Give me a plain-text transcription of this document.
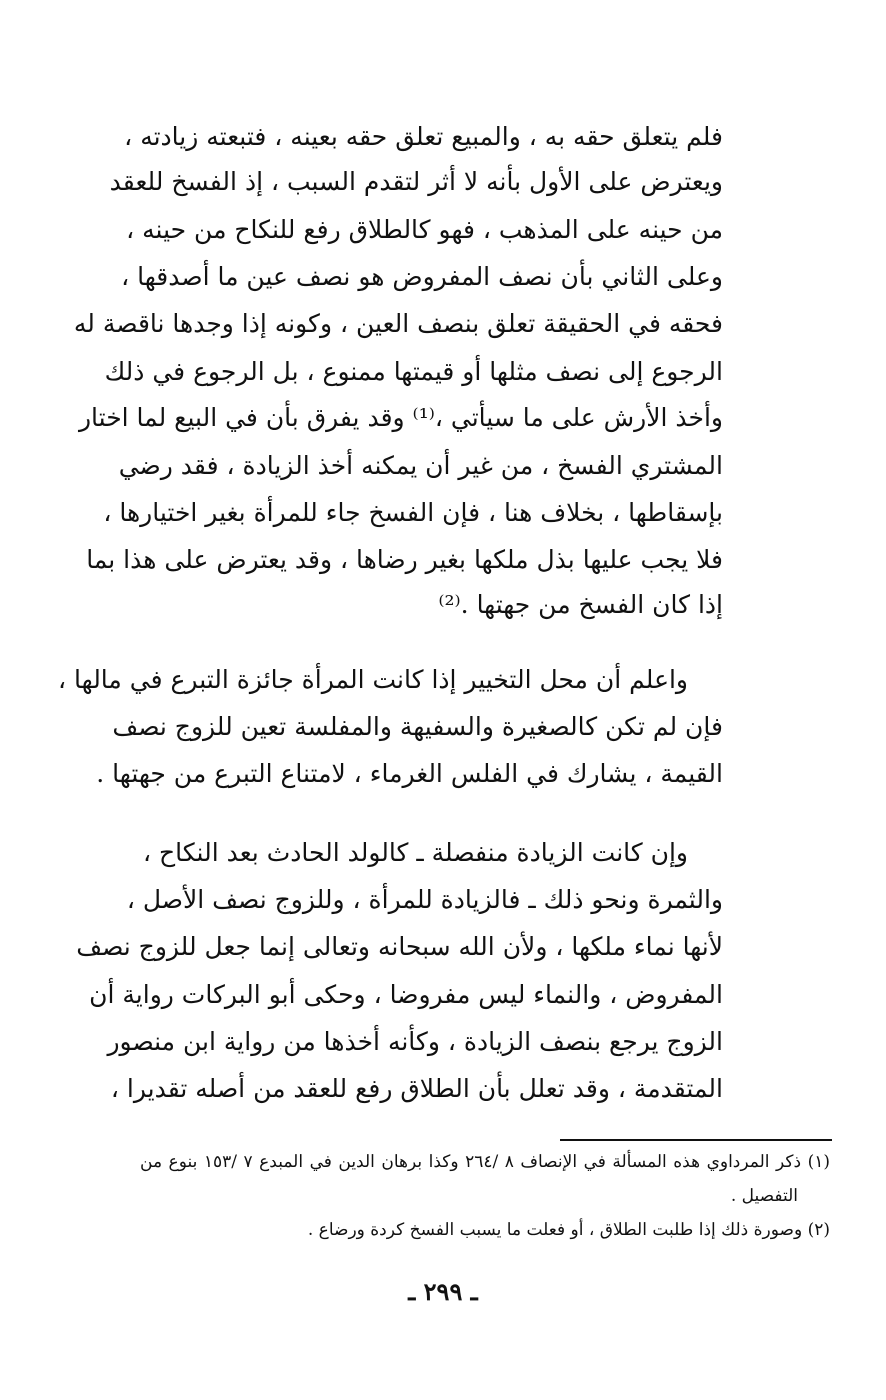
فلم يتعلق حقه به ، والمبيع تعلق حقه بعينه ، فتبعته زيادته ،
ويعترض على الأول بأنه لا أثر لتقدم السبب ، إذ الفسخ للعقد
من حينه على المذهب ، فهو كالطلاق رفع للنكاح من حينه ،
وعلى الثاني بأن نصف المفروض هو نصف عين ما أصدقها ،
فحقه في الحقيقة تعلق بنصف العين ، وكونه إذا وجدها ناقصة له
الرجوع إلى نصف مثلها أو قيمتها ممنوع ، بل الرجوع في ذلك
وأخذ الأرش على ما سيأتي ،⁽¹⁾ وقد يفرق بأن في البيع لما اختار
المشتري الفسخ ، من غير أن يمكنه أخذ الزيادة ، فقد رضي
بإسقاطها ، بخلاف هنا ، فإن الفسخ جاء للمرأة بغير اختيارها ،
فلا يجب عليها بذل ملكها بغير رضاها ، وقد يعترض على هذا بما
إذا كان الفسخ من جهتها .⁽²⁾
واعلم أن محل التخيير إذا كانت المرأة جائزة التبرع في مالها ،
فإن لم تكن كالصغيرة والسفيهة والمفلسة تعين للزوج نصف
القيمة ، يشارك في الفلس الغرماء ، لامتناع التبرع من جهتها .
وإن كانت الزيادة منفصلة ـ كالولد الحادث بعد النكاح ،
والثمرة ونحو ذلك ـ فالزيادة للمرأة ، وللزوج نصف الأصل ،
لأنها نماء ملكها ، ولأن الله سبحانه وتعالى إنما جعل للزوج نصف
المفروض ، والنماء ليس مفروضا ، وحكى أبو البركات رواية أن
الزوج يرجع بنصف الزيادة ، وكأنه أخذها من رواية ابن منصور
المتقدمة ، وقد تعلل بأن الطلاق رفع للعقد من أصله تقديرا ،
(١) ذكر المرداوي هذه المسألة في الإنصاف ٨ /٢٦٤ وكذا برهان الدين في المبدع ٧ /١٥٣ بنوع من
التفصيل .
(٢) وصورة ذلك إذا طلبت الطلاق ، أو فعلت ما يسبب الفسخ كردة ورضاع .
ـ ٢٩٩ ـ
